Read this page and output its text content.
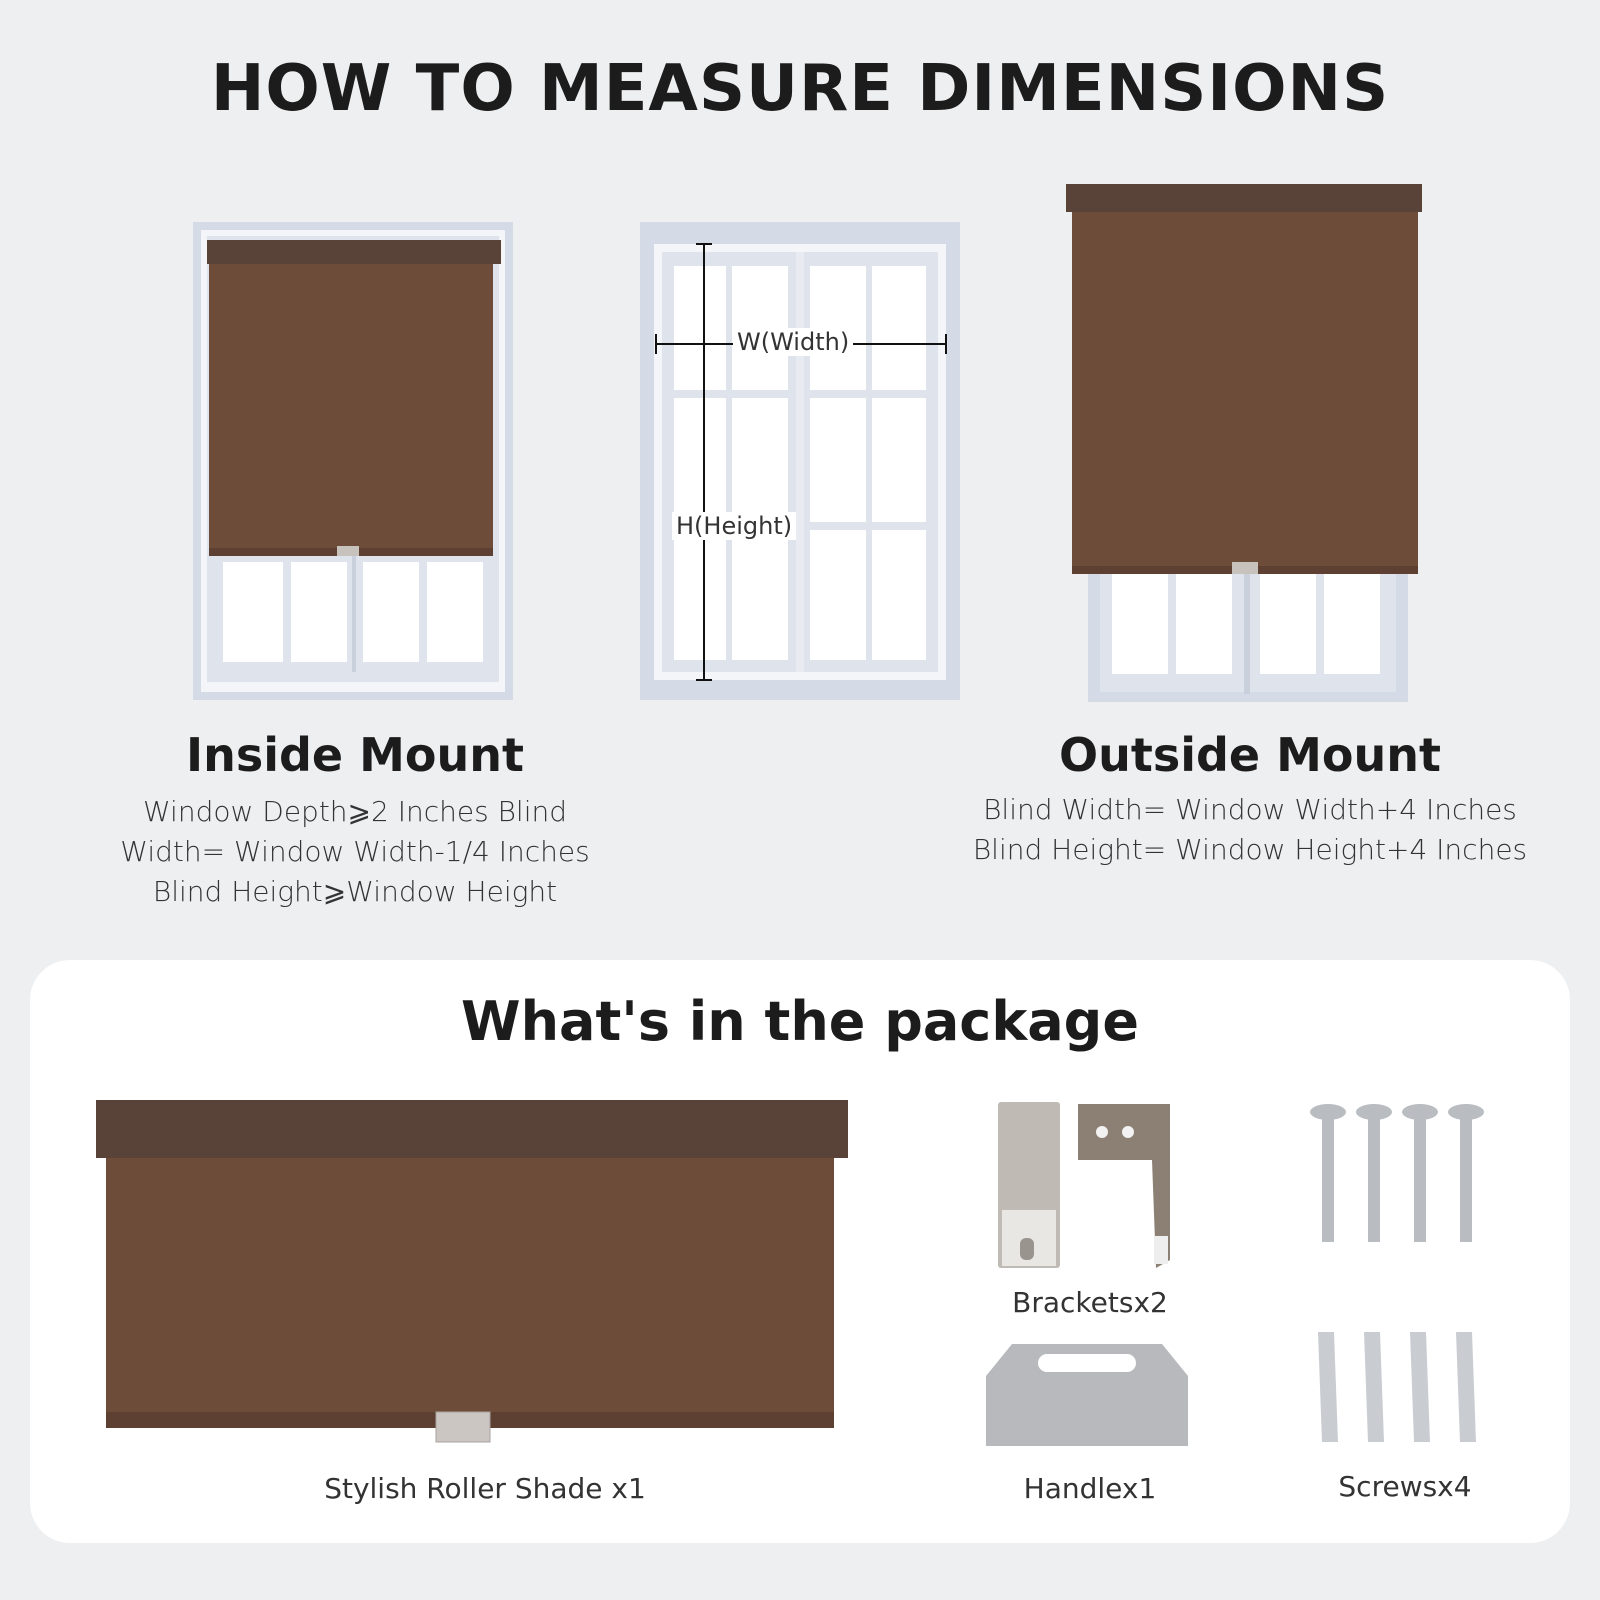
HOW TO MEASURE DIMENSIONS
W(Width)
H(Height)
Inside Mount
Window Depth⩾2 Inches Blind
Width= Window Width-1/4 Inches
Blind Height⩾Window Height
Outside Mount
Blind Width= Window Width+4 Inches
Blind Height= Window Height+4 Inches
What's in the package
Stylish Roller Shade x1
Bracketsx2
Handlex1	Screwsx4
